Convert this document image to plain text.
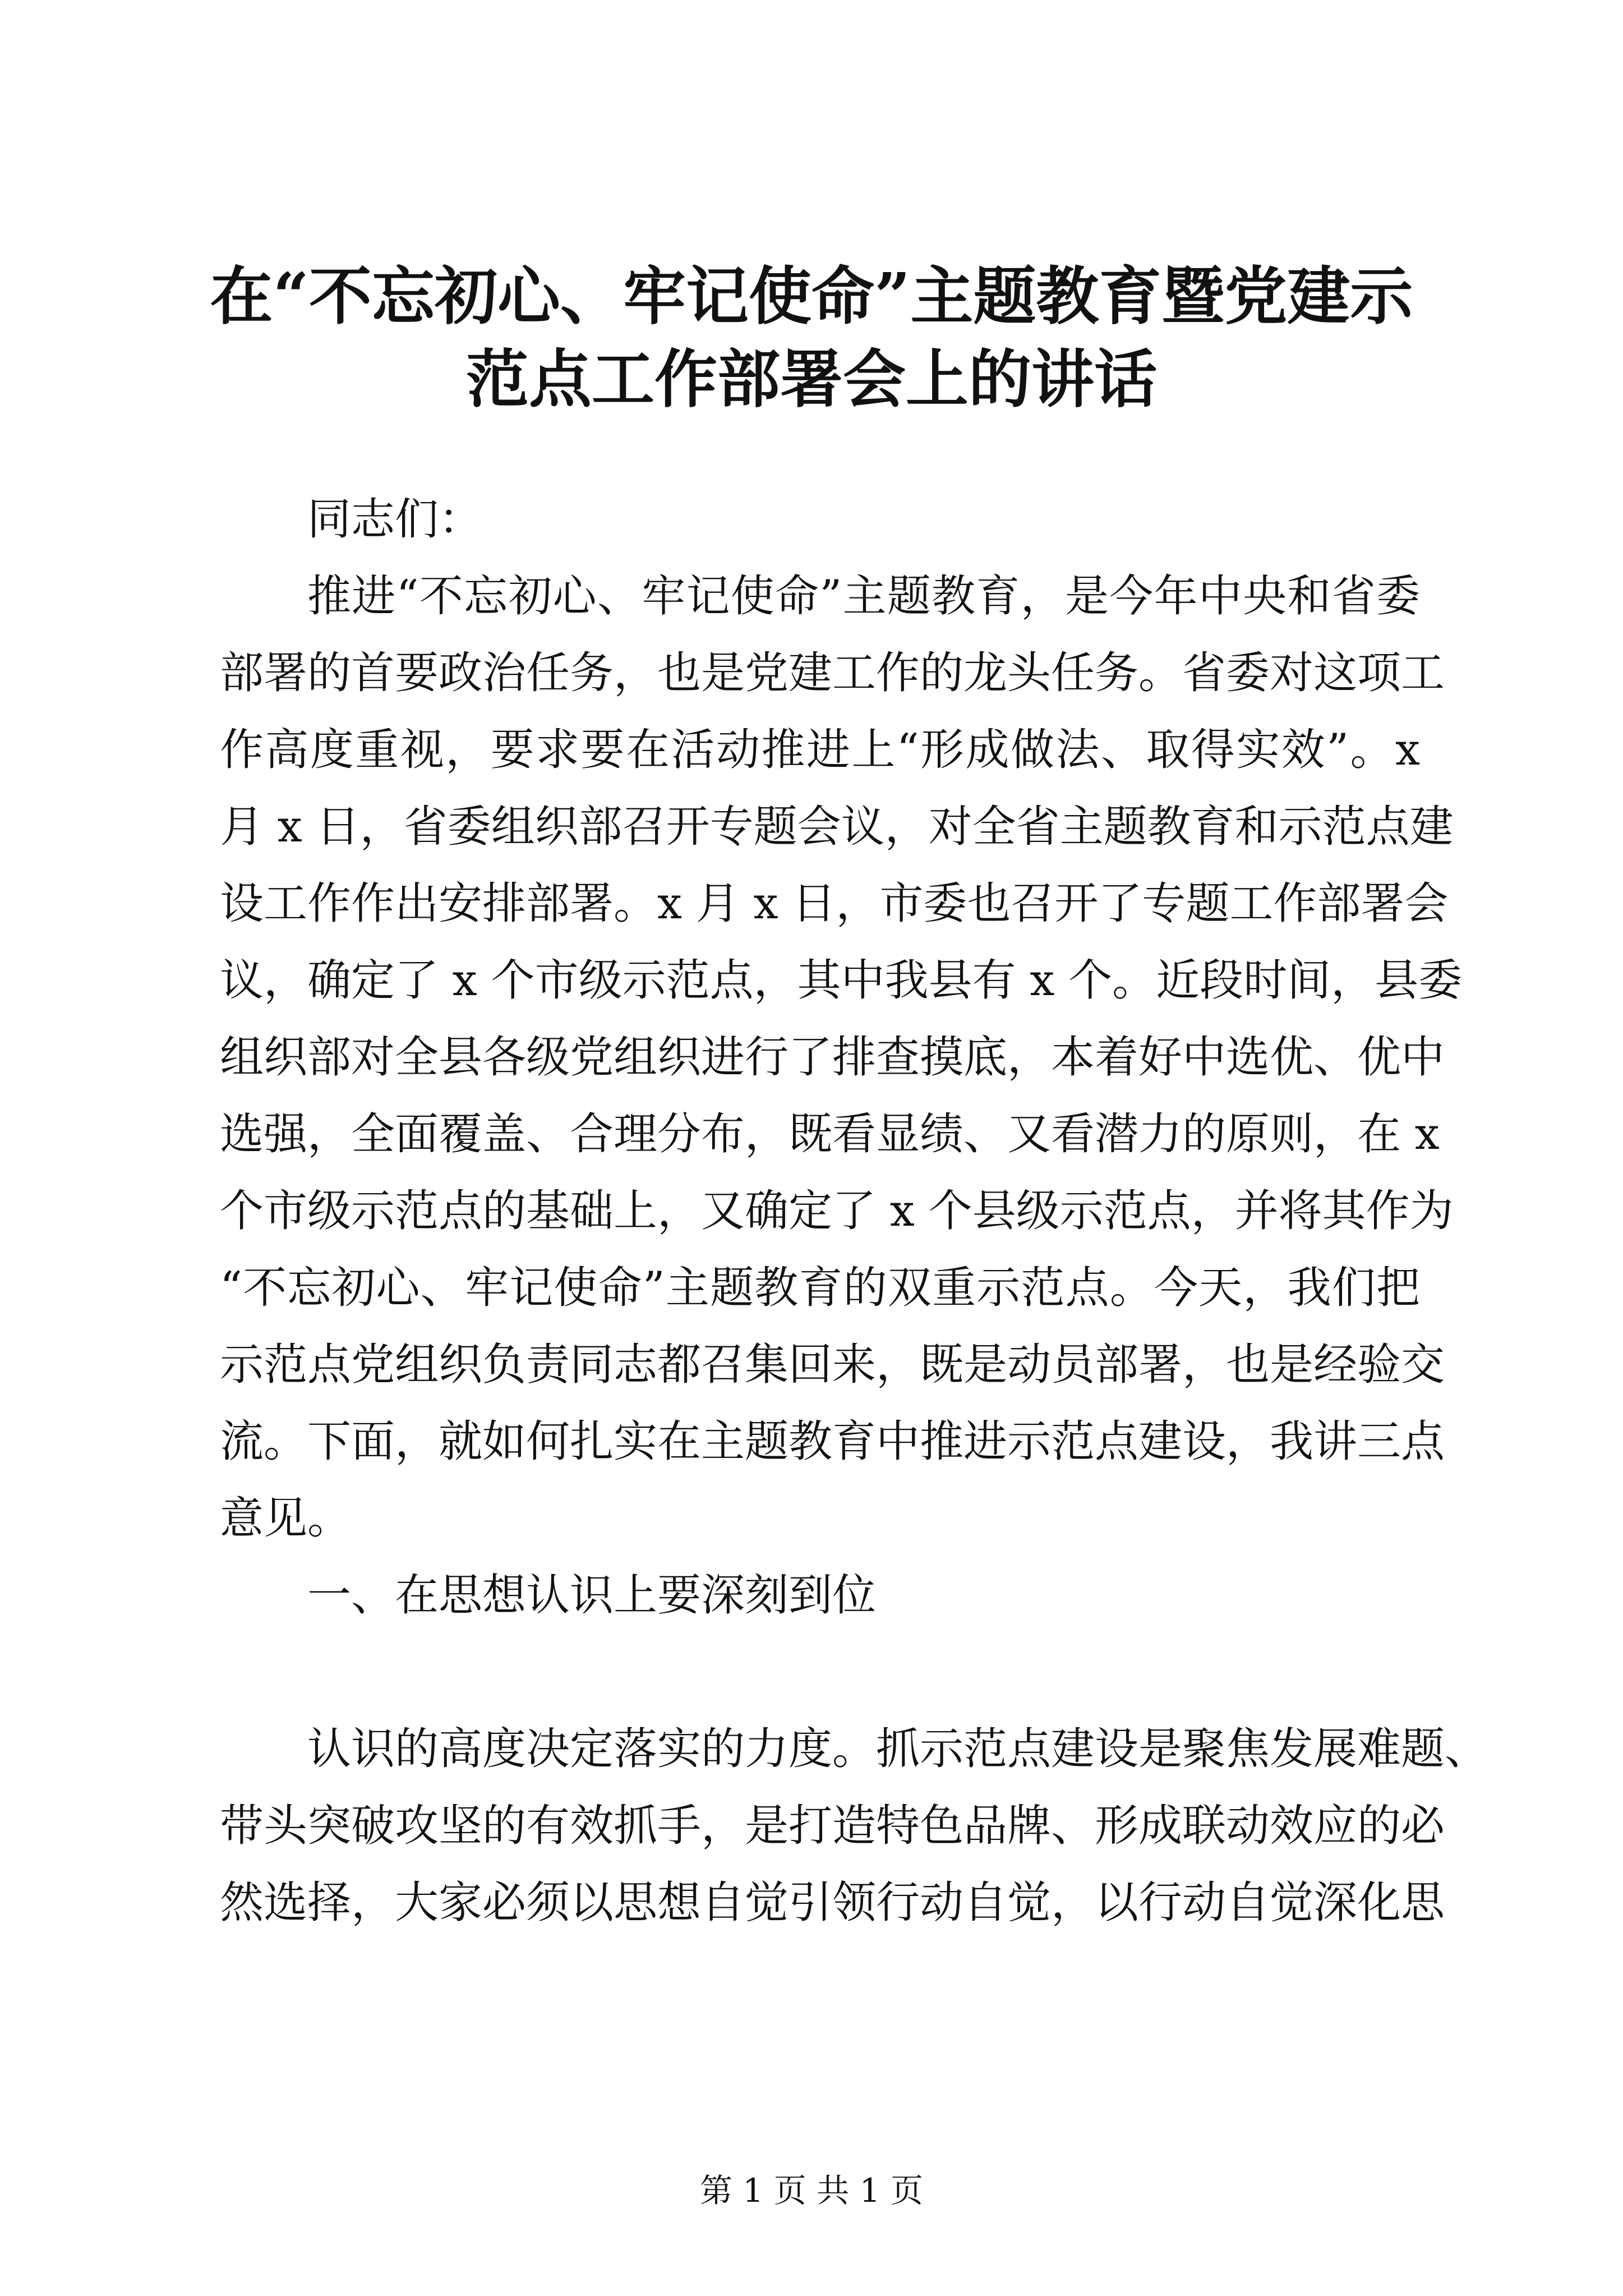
在“不忘初心、牢记使命”主题教育暨党建示
范点工作部署会上的讲话
同志们：
推进“不忘初心、牢记使命”主题教育，是今年中央和省委
部署的首要政治任务，也是党建工作的龙头任务。省委对这项工
作高度重视，要求要在活动推进上“形成做法、取得实效”。x
月 x 日，省委组织部召开专题会议，对全省主题教育和示范点建
设工作作出安排部署。x 月 x 日，市委也召开了专题工作部署会
议，确定了 x 个市级示范点，其中我县有 x 个。近段时间，县委
组织部对全县各级党组织进行了排查摸底，本着好中选优、优中
选强，全面覆盖、合理分布，既看显绩、又看潜力的原则，在 x
个市级示范点的基础上，又确定了 x 个县级示范点，并将其作为
“不忘初心、牢记使命”主题教育的双重示范点。今天，我们把
示范点党组织负责同志都召集回来，既是动员部署，也是经验交
流。下面，就如何扎实在主题教育中推进示范点建设，我讲三点
意见。
一、在思想认识上要深刻到位
认识的高度决定落实的力度。抓示范点建设是聚焦发展难题、
带头突破攻坚的有效抓手，是打造特色品牌、形成联动效应的必
然选择，大家必须以思想自觉引领行动自觉，以行动自觉深化思
第 1 页 共 1 页
